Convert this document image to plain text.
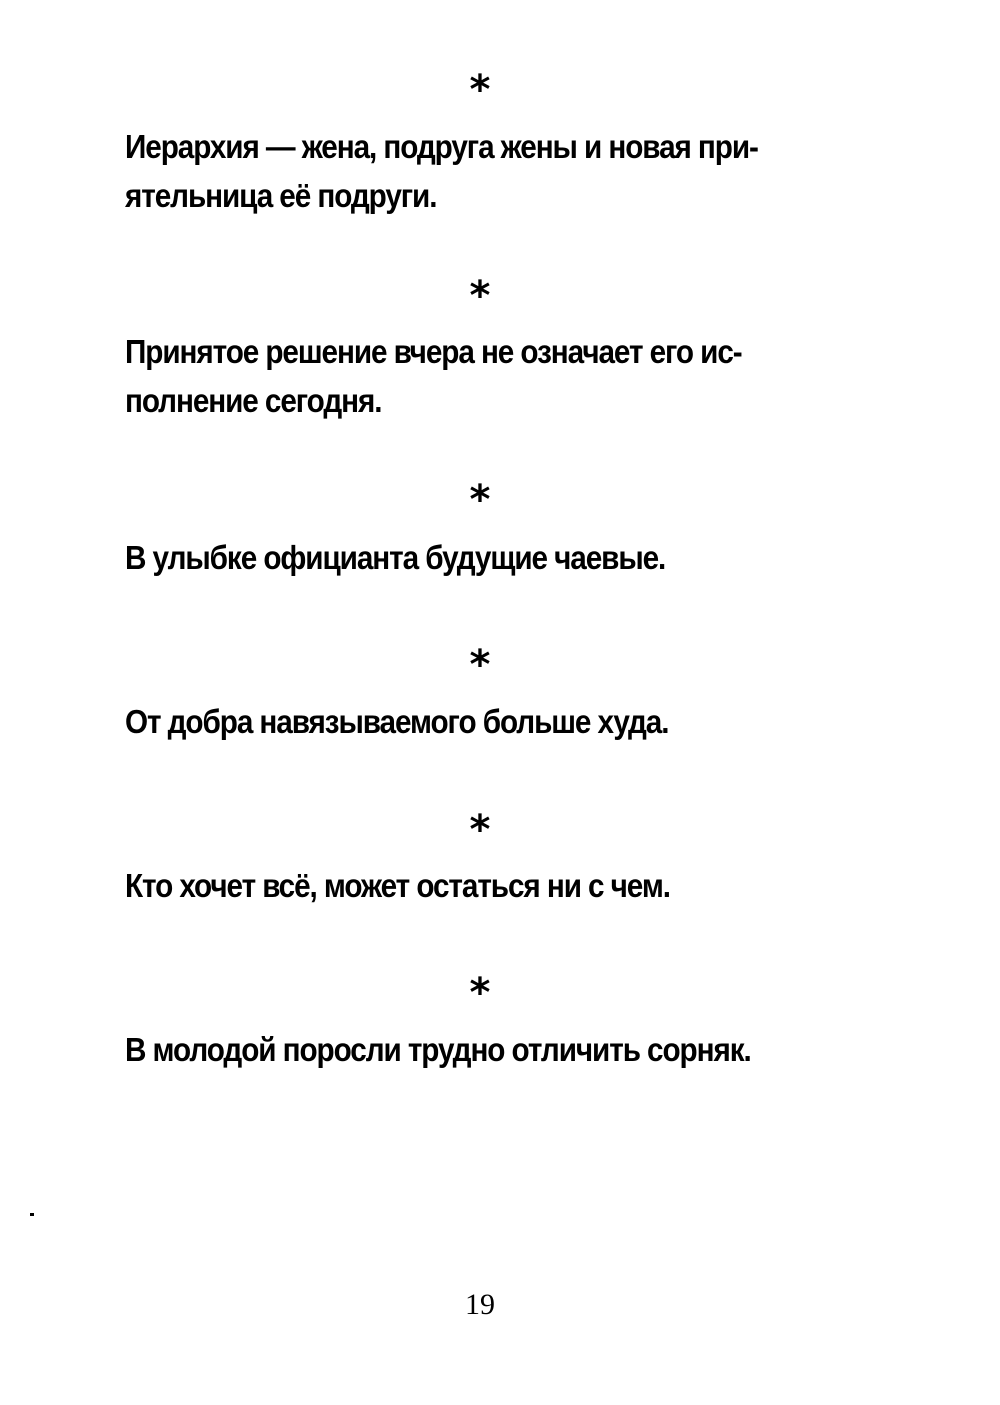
*

Иерархия — жена, подруга жены и новая при-
ятельница её подруги.

*

Принятое решение вчера не означает его ис-
полнение сегодня.

*

В улыбке официанта будущие чаевые.

*

От добра навязываемого больше худа.

*

Кто хочет всё, может остаться ни с чем.

*

В молодой поросли трудно отличить сорняк.

19
